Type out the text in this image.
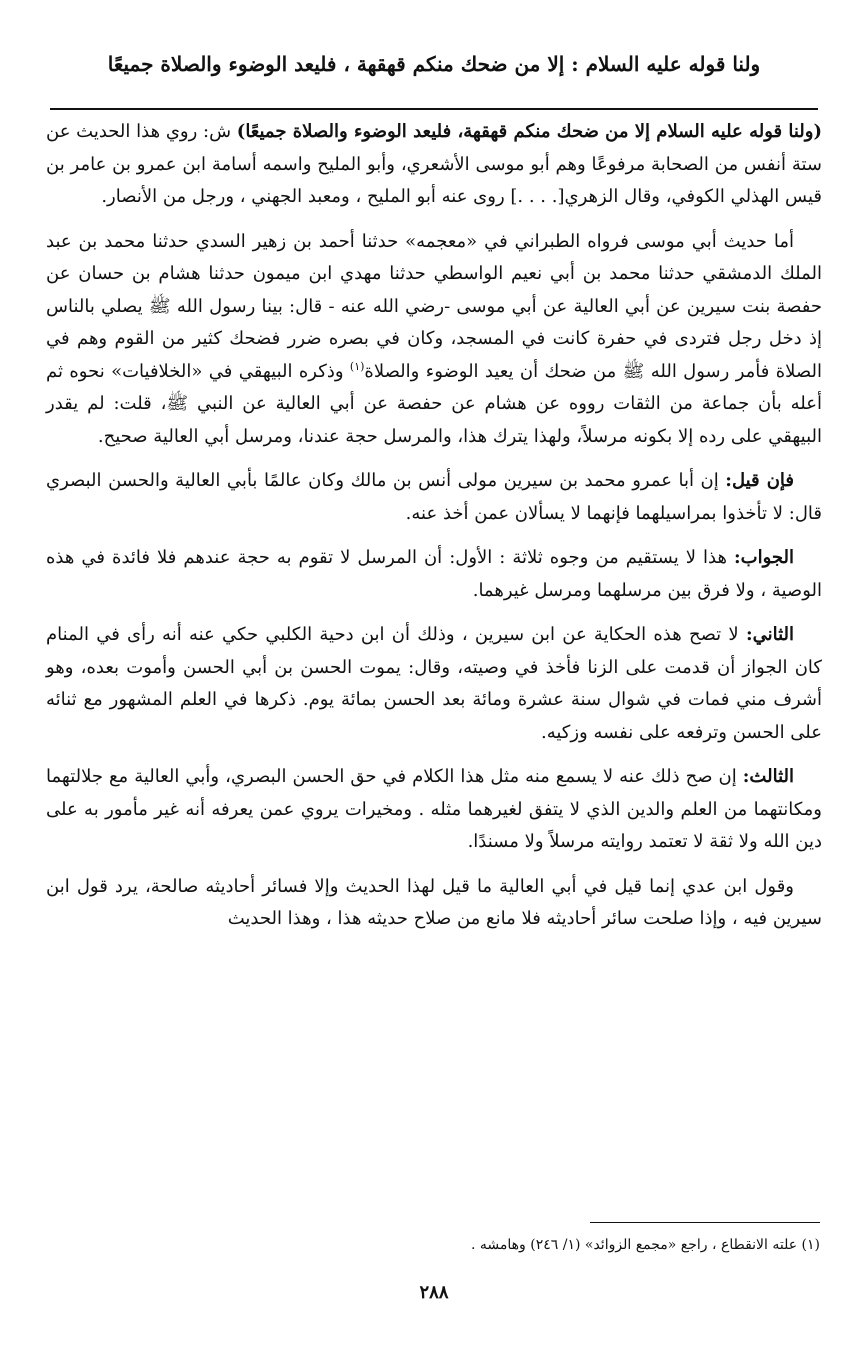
ولنا قوله عليه السلام : إلا من ضحك منكم قهقهة ، فليعد الوضوء والصلاة جميعًا

(ولنا قوله عليه السلام إلا من ضحك منكم قهقهة، فليعد الوضوء والصلاة جميعًا) ش: روي هذا الحديث عن ستة أنفس من الصحابة مرفوعًا وهم أبو موسى الأشعري، وأبو المليح واسمه أسامة ابن عمرو بن عامر بن قيس الهذلي الكوفي، وقال الزهري[. . . .] روى عنه أبو المليح ، ومعبد الجهني ، ورجل من الأنصار.

أما حديث أبي موسى فرواه الطبراني في «معجمه» حدثنا أحمد بن زهير السدي حدثنا محمد بن عبد الملك الدمشقي حدثنا محمد بن أبي نعيم الواسطي حدثنا مهدي ابن ميمون حدثنا هشام بن حسان عن حفصة بنت سيرين عن أبي العالية عن أبي موسى -رضي الله عنه - قال: بينا رسول الله ﷺ يصلي بالناس إذ دخل رجل فتردى في حفرة كانت في المسجد، وكان في بصره ضرر فضحك كثير من القوم وهم في الصلاة فأمر رسول الله ﷺ من ضحك أن يعيد الوضوء والصلاة$^{(١)}$ وذكره البيهقي في «الخلافيات» نحوه ثم أعله بأن جماعة من الثقات رووه عن هشام عن حفصة عن أبي العالية عن النبي ﷺ، قلت: لم يقدر البيهقي على رده إلا بكونه مرسلاً، ولهذا يترك هذا، والمرسل حجة عندنا، ومرسل أبي العالية صحيح.

فإن قيل: إن أبا عمرو محمد بن سيرين مولى أنس بن مالك وكان عالمًا بأبي العالية والحسن البصري قال: لا تأخذوا بمراسيلهما فإنهما لا يسألان عمن أخذ عنه.

الجواب: هذا لا يستقيم من وجوه ثلاثة : الأول: أن المرسل لا تقوم به حجة عندهم فلا فائدة في هذه الوصية ، ولا فرق بين مرسلهما ومرسل غيرهما.

الثاني: لا تصح هذه الحكاية عن ابن سيرين ، وذلك أن ابن دحية الكلبي حكي عنه أنه رأى في المنام كان الجواز أن قدمت على الزنا فأخذ في وصيته، وقال: يموت الحسن بن أبي الحسن وأموت بعده، وهو أشرف مني فمات في شوال سنة عشرة ومائة بعد الحسن بمائة يوم. ذكرها في العلم المشهور مع ثنائه على الحسن وترفعه على نفسه وزكيه.

الثالث: إن صح ذلك عنه لا يسمع منه مثل هذا الكلام في حق الحسن البصري، وأبي العالية مع جلالتهما ومكانتهما من العلم والدين الذي لا يتفق لغيرهما مثله . ومخيرات يروي عمن يعرفه أنه غير مأمور به على دين الله ولا ثقة لا تعتمد روايته مرسلاً ولا مسندًا.

وقول ابن عدي إنما قيل في أبي العالية ما قيل لهذا الحديث وإلا فسائر أحاديثه صالحة، يرد قول ابن سيرين فيه ، وإذا صلحت سائر أحاديثه فلا مانع من صلاح حديثه هذا ، وهذا الحديث

(١) علته الانقطاع ، راجع «مجمع الزوائد» (١/ ٢٤٦) وهامشه .
٢٨٨
